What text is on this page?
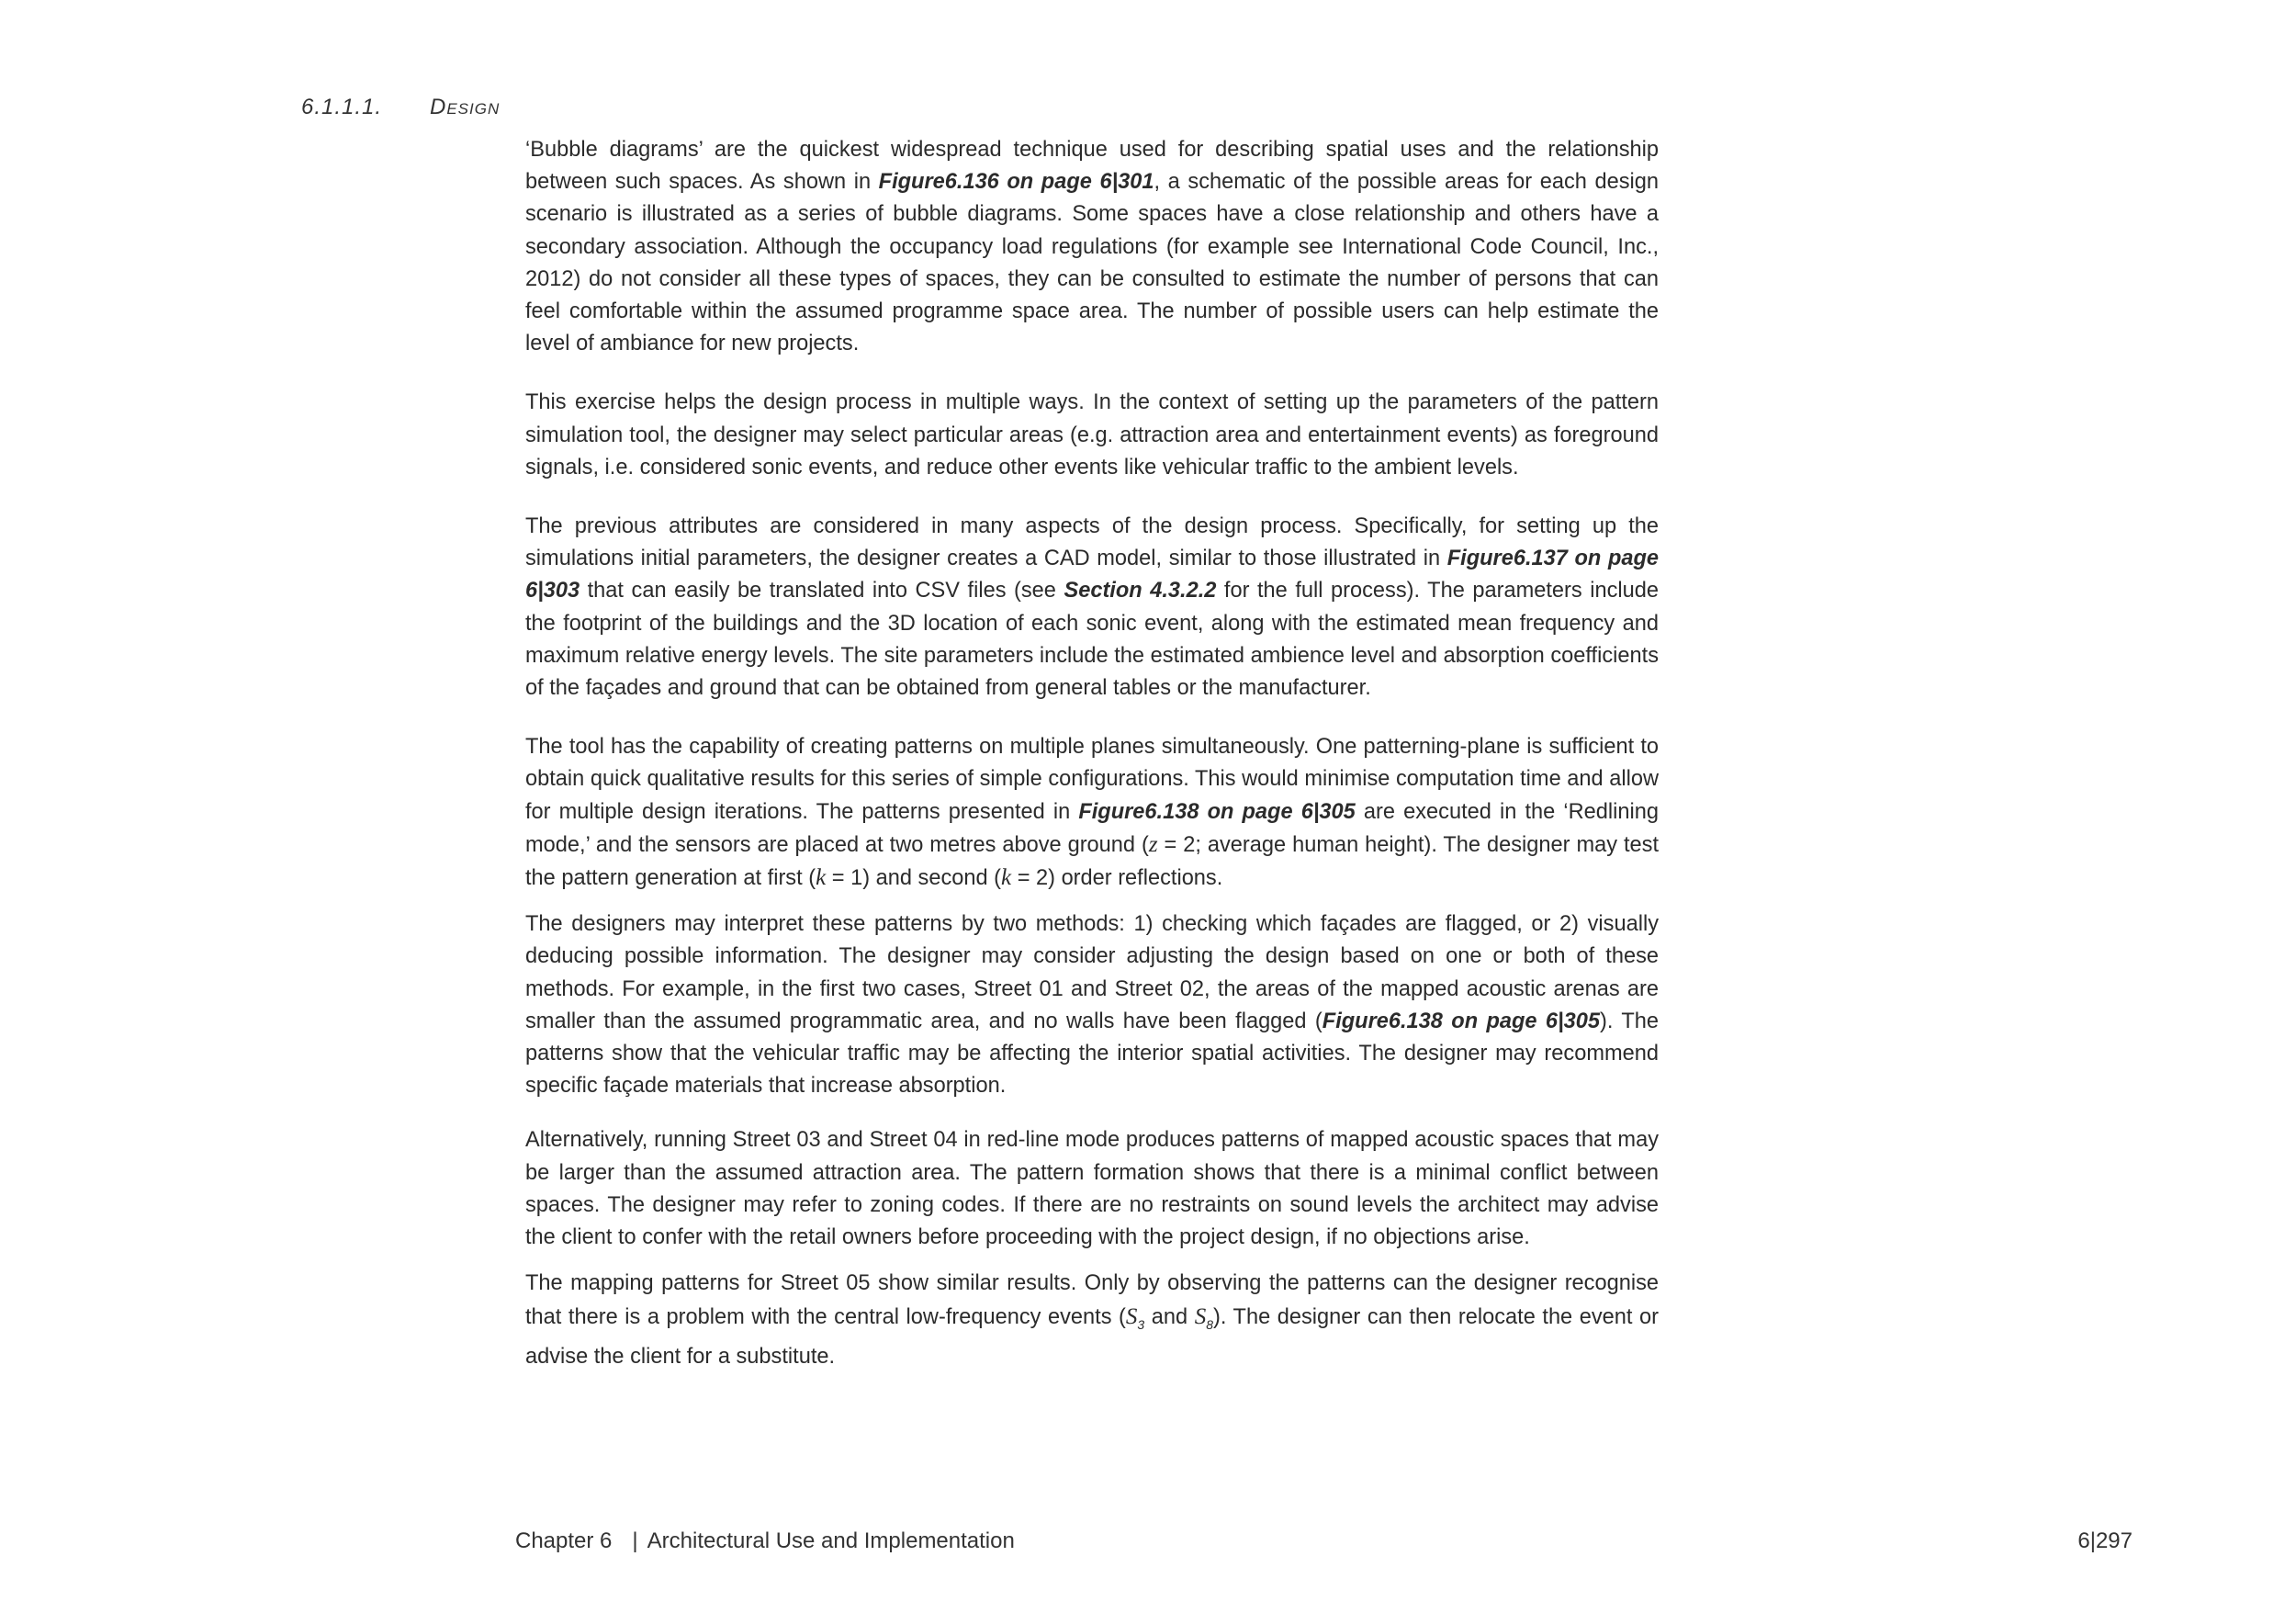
6.1.1.1. Design

‘Bubble diagrams’ are the quickest widespread technique used for describing spatial uses and the relationship between such spaces. As shown in Figure6.136 on page 6|301, a schematic of the possible areas for each design scenario is illustrated as a series of bubble diagrams. Some spaces have a close relationship and others have a secondary association. Although the occupancy load regulations (for example see International Code Council, Inc., 2012) do not consider all these types of spaces, they can be consulted to estimate the number of persons that can feel comfortable within the assumed programme space area. The number of possible users can help estimate the level of ambiance for new projects.

This exercise helps the design process in multiple ways. In the context of setting up the parameters of the pattern simulation tool, the designer may select particular areas (e.g. attraction area and entertainment events) as foreground signals, i.e. considered sonic events, and reduce other events like vehicular traffic to the ambient levels.

The previous attributes are considered in many aspects of the design process. Specifically, for setting up the simulations initial parameters, the designer creates a CAD model, similar to those illustrated in Figure6.137 on page 6|303 that can easily be translated into CSV files (see Section 4.3.2.2 for the full process). The parameters include the footprint of the buildings and the 3D location of each sonic event, along with the estimated mean frequency and maximum relative energy levels. The site parameters include the estimated ambience level and absorption coefficients of the façades and ground that can be obtained from general tables or the manufacturer.

The tool has the capability of creating patterns on multiple planes simultaneously. One patterning-plane is sufficient to obtain quick qualitative results for this series of simple configurations. This would minimise computation time and allow for multiple design iterations. The patterns presented in Figure6.138 on page 6|305 are executed in the ‘Redlining mode,’ and the sensors are placed at two metres above ground (z = 2; average human height). The designer may test the pattern generation at first (k = 1) and second (k = 2) order reflections.

The designers may interpret these patterns by two methods: 1) checking which façades are flagged, or 2) visually deducing possible information. The designer may consider adjusting the design based on one or both of these methods. For example, in the first two cases, Street 01 and Street 02, the areas of the mapped acoustic arenas are smaller than the assumed programmatic area, and no walls have been flagged (Figure6.138 on page 6|305). The patterns show that the vehicular traffic may be affecting the interior spatial activities. The designer may recommend specific façade materials that increase absorption.

Alternatively, running Street 03 and Street 04 in red-line mode produces patterns of mapped acoustic spaces that may be larger than the assumed attraction area. The pattern formation shows that there is a minimal conflict between spaces. The designer may refer to zoning codes. If there are no restraints on sound levels the architect may advise the client to confer with the retail owners before proceeding with the project design, if no objections arise.

The mapping patterns for Street 05 show similar results. Only by observing the patterns can the designer recognise that there is a problem with the central low-frequency events ($S_3$ and $S_8$). The designer can then relocate the event or advise the client for a substitute.

Chapter 6 | Architectural Use and Implementation	6|297
